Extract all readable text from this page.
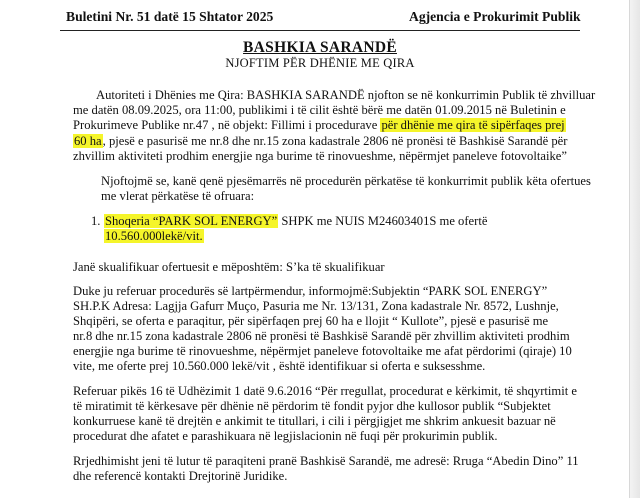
Buletini Nr. 51 datë 15 Shtator 2025	Agjencia e Prokurimit Publik
BASHKIA SARANDË
NJOFTIM PËR DHËNIE ME QIRA
Autoriteti i Dhënies me Qira: BASHKIA SARANDË njofton se në konkurrimin Publik të zhvilluar
me datën 08.09.2025, ora 11:00, publikimi i të cilit është bërë me datën 01.09.2015 në Buletinin e
Prokurimeve Publike nr.47 , në objekt: Fillimi i procedurave për dhënie me qira të sipërfaqes prej
60 ha, pjesë e pasurisë me nr.8 dhe nr.15 zona kadastrale 2806 në pronësi të Bashkisë Sarandë për
zhvillim aktiviteti prodhim energjie nga burime të rinovueshme, nëpërmjet paneleve fotovoltaike”
Njoftojmë se, kanë qenë pjesëmarrës në procedurën përkatëse të konkurrimit publik këta ofertues
me vlerat përkatëse të ofruara:
1. Shoqeria “PARK SOL ENERGY” SHPK me NUIS M24603401S me ofertë
10.560.000lekë/vit.
Janë skualifikuar ofertuesit e mëposhtëm: S’ka të skualifikuar
Duke ju referuar procedurës së lartpërmendur, informojmë:Subjektin “PARK SOL ENERGY”
SH.P.K Adresa: Lagjja Gafurr Muço, Pasuria me Nr. 13/131, Zona kadastrale Nr. 8572, Lushnje,
Shqipëri, se oferta e paraqitur, për sipërfaqen prej 60 ha e llojit “ Kullote”, pjesë e pasurisë me
nr.8 dhe nr.15 zona kadastrale 2806 në pronësi të Bashkisë Sarandë për zhvillim aktiviteti prodhim
energjie nga burime të rinovueshme, nëpërmjet paneleve fotovoltaike me afat përdorimi (qiraje) 10
vite, me oferte prej 10.560.000 lekë/vit , është identifikuar si oferta e suksesshme.
Referuar pikës 16 të Udhëzimit 1 datë 9.6.2016 “Për rregullat, procedurat e kërkimit, të shqyrtimit e
të miratimit të kërkesave për dhënie në përdorim të fondit pyjor dhe kullosor publik “Subjektet
konkurruese kanë të drejtën e ankimit te titullari, i cili i përgjigjet me shkrim ankuesit bazuar në
procedurat dhe afatet e parashikuara në legjislacionin në fuqi për prokurimin publik.
Rrjedhimisht jeni të lutur të paraqiteni pranë Bashkisë Sarandë, me adresë: Rruga “Abedin Dino” 11
dhe referencë kontakti Drejtorinë Juridike.
